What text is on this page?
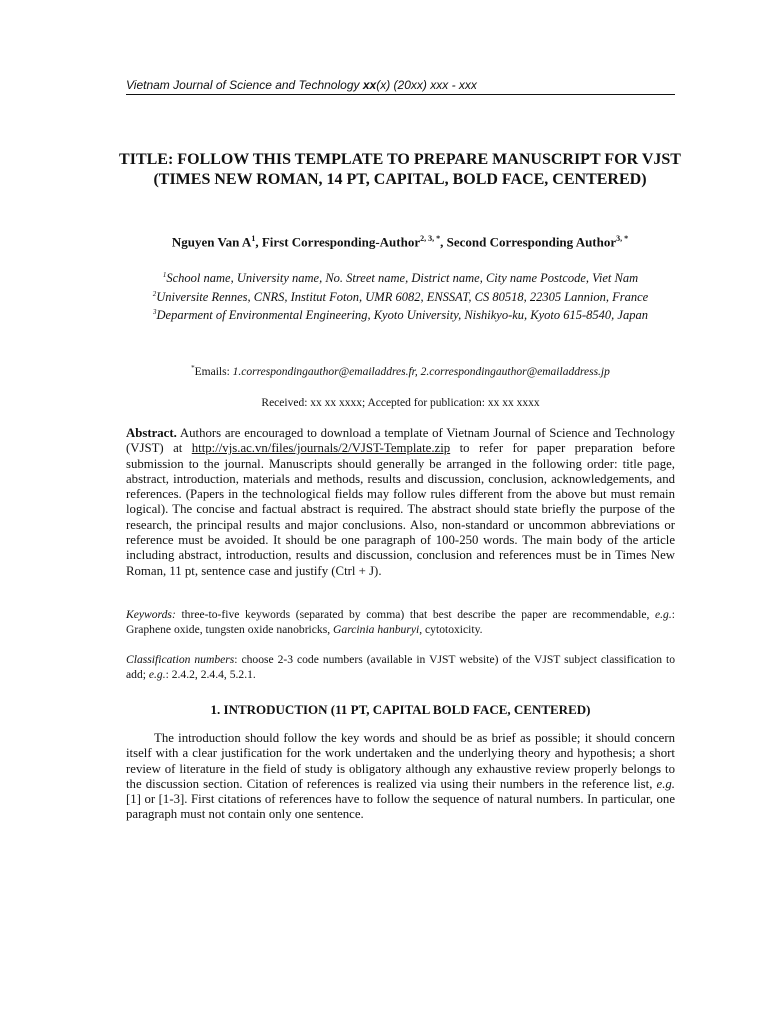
Vietnam Journal of Science and Technology xx(x) (20xx) xxx - xxx
TITLE: FOLLOW THIS TEMPLATE TO PREPARE MANUSCRIPT FOR VJST (TIMES NEW ROMAN, 14 PT, CAPITAL, BOLD FACE, CENTERED)
Nguyen Van $A^1$, First Corresponding-Author$^{2, 3, *}$, Second Corresponding Author$^{3, *}$
$^1$School name, University name, No. Street name, District name, City name Postcode, Viet Nam
$^2$Universite Rennes, CNRS, Institut Foton, UMR 6082, ENSSAT, CS 80518, 22305 Lannion, France
$^3$Deparment of Environmental Engineering, Kyoto University, Nishikyo-ku, Kyoto 615-8540, Japan
*Emails: 1.correspondingauthor@emailaddres.fr, 2.correspondingauthor@emailaddress.jp
Received: xx xx xxxx; Accepted for publication: xx xx xxxx
Abstract. Authors are encouraged to download a template of Vietnam Journal of Science and Technology (VJST) at http://vjs.ac.vn/files/journals/2/VJST-Template.zip to refer for paper preparation before submission to the journal. Manuscripts should generally be arranged in the following order: title page, abstract, introduction, materials and methods, results and discussion, conclusion, acknowledgements, and references. (Papers in the technological fields may follow rules different from the above but must remain logical). The concise and factual abstract is required. The abstract should state briefly the purpose of the research, the principal results and major conclusions. Also, non-standard or uncommon abbreviations or reference must be avoided. It should be one paragraph of 100-250 words. The main body of the article including abstract, introduction, results and discussion, conclusion and references must be in Times New Roman, 11 pt, sentence case and justify (Ctrl + J).
Keywords: three-to-five keywords (separated by comma) that best describe the paper are recommendable, e.g.: Graphene oxide, tungsten oxide nanobricks, Garcinia hanburyi, cytotoxicity.
Classification numbers: choose 2-3 code numbers (available in VJST website) of the VJST subject classification to add; e.g.: 2.4.2, 2.4.4, 5.2.1.
1. INTRODUCTION (11 PT, CAPITAL BOLD FACE, CENTERED)
The introduction should follow the key words and should be as brief as possible; it should concern itself with a clear justification for the work undertaken and the underlying theory and hypothesis; a short review of literature in the field of study is obligatory although any exhaustive review properly belongs to the discussion section. Citation of references is realized via using their numbers in the reference list, e.g. [1] or [1-3]. First citations of references have to follow the sequence of natural numbers. In particular, one paragraph must not contain only one sentence.
